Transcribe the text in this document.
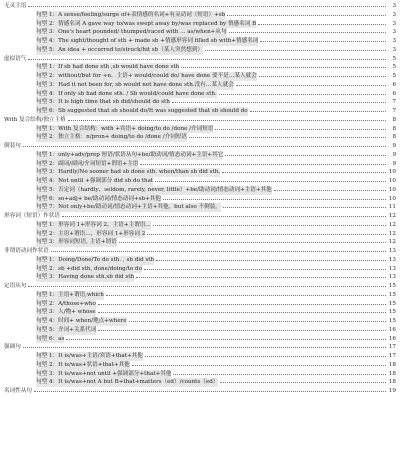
无灵主语	3
句型 1：A sense/feeling/surge of+表情感的名词+有灵动词（短语）+sb	3
句型 2：情感名词 A gave way to/was swept away by/was replaced by 情感名词 B	3
句型 3：One's heart pounded/ thumped/raced with ... as/when+从句	3
句型 4：The sight/thought of sth + made sb +情感形容词 filled sb with+情感名词	3
句型 5：An idea + occurred to/struck/hit sb（某人突然想到）	3
虚拟语气	5
句型 1：If sb had done sth ,sb would have done sth	5
句型 2：without/but for +n，主语+ would/could do/ have done 要不是…某人就会	5
句型 3：Had it not been for, sb would not have done sth.没有…某人就会	6
句型 4：If only sb had done sth. / Sb would/could have done sth.	6
句型 5：It is high time that sb did/should do sth	7
句型 6：Sb suggested that sb should do/It was suggested that sb should do	7
With 复合结构/独立主格	8
句型 1：With 复合结构：with +宾语+ doing/to do /done /介词短语	8
句型 2：独立主格：n/pron+ doing/to do /done /介词短语	8
倒装句	9
句型 1：only+adv/prep 短语/状语从句+be/助动词/情态动词+主语+其它	9
句型 2：副词/副词/介词短语+谓语+主语	9
句型 3：Hardly/No sooner had sb done sth. when/than sb did sth.	10
句型 4：Not until +强调部分 did sb do that	10
句型 5：否定词（hardly、seldom, rarely, never, little）+be/助动词/情态动词+主语+其他	10
句型 6：so+adj+ be/助动词/情态动词+sb+其他	10
句型 7：Not only+be/助动词/情态动词+主语+其他，but also 不倒装。	11
形容词（短语）作状语	12
句型 1：形容词 1+形容词 2，主语+主谓语…	12
句型 2：主语+谓语…，形容词 1+形容词 2	12
句型 3：形容词短语, 主语+谓语	12
非谓语动词作状语	13
句型 1：Doing/Done/To do sth. , sb did sth	13
句型 2：sb +did sth, done/doing/to do	13
句型 3：Having done sth,sb did sth	13
定语从句	15
句型 1：主语+谓语,which	15
句型 2：A/those+who	15
句型 3：人/物+ whose	15
句型 4：时间+ when/地点+where	15
句型 5：介词+关系代词	16
句型 6：as	16
强调句	17
句型 1：It is/was+主语/宾语+that+其他	17
句型 2：It is/was+状语+that+其他	18
句型 3：It is/was+not until +强调部分+that+其他	18
句型 4：It is/was+not A but B+that+matters（ed）/counts（ed）	18
名词性从句	19
